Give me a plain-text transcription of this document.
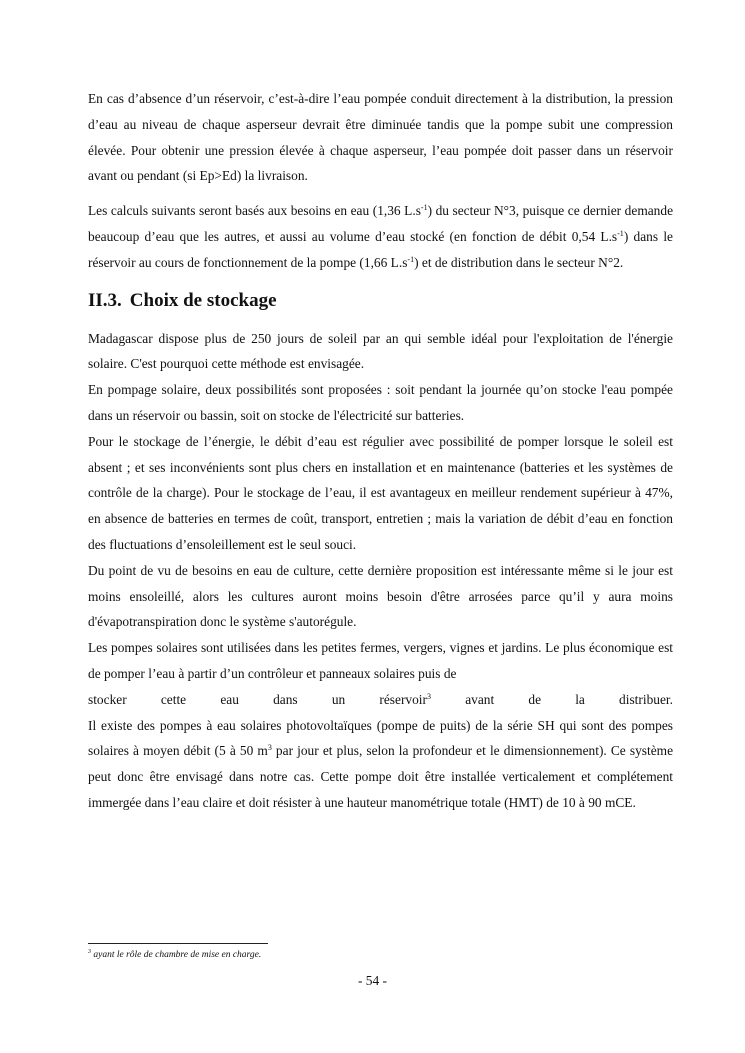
En cas d’absence d’un réservoir, c’est-à-dire l’eau pompée conduit directement à la distribution, la pression d’eau au niveau de chaque asperseur devrait être diminuée tandis que la pompe subit une compression élevée. Pour obtenir une pression élevée à chaque asperseur, l’eau pompée doit passer dans un réservoir avant ou pendant (si Ep>Ed) la livraison.

Les calculs suivants seront basés aux besoins en eau (1,36 $L.s^{-1}$) du secteur N°3, puisque ce dernier demande beaucoup d’eau que les autres, et aussi au volume d’eau stocké (en fonction de débit 0,54 $L.s^{-1}$) dans le réservoir au cours de fonctionnement de la pompe (1,66 $L.s^{-1}$) et de distribution dans le secteur N°2.

II.3. Choix de stockage

Madagascar dispose plus de 250 jours de soleil par an qui semble idéal pour l'exploitation de l'énergie solaire. C'est pourquoi cette méthode est envisagée.

En pompage solaire, deux possibilités sont proposées : soit pendant la journée qu’on stocke l'eau pompée dans un réservoir ou bassin, soit on stocke de l'électricité sur batteries.

Pour le stockage de l’énergie, le débit d’eau est régulier avec possibilité de pomper lorsque le soleil est absent ; et ses inconvénients sont plus chers en installation et en maintenance (batteries et les systèmes de contrôle de la charge). Pour le stockage de l’eau, il est avantageux en meilleur rendement supérieur à 47%, en absence de batteries en termes de coût, transport, entretien ; mais la variation de débit d’eau en fonction des fluctuations d’ensoleillement est le seul souci.

Du point de vu de besoins en eau de culture, cette dernière proposition est intéressante même si le jour est moins ensoleillé, alors les cultures auront moins besoin d'être arrosées parce qu’il y aura moins d'évapotranspiration donc le système s'autorégule.

Les pompes solaires sont utilisées dans les petites fermes, vergers, vignes et jardins. Le plus économique est de pomper l’eau à partir d’un contrôleur et panneaux solaires puis de

stocker cette eau dans un réservoir$^3$ avant de la distribuer.

Il existe des pompes à eau solaires photovoltaïques (pompe de puits) de la série SH qui sont des pompes solaires à moyen débit (5 à 50 $m^3$ par jour et plus, selon la profondeur et le dimensionnement). Ce système peut donc être envisagé dans notre cas. Cette pompe doit être installée verticalement et complétement immergée dans l’eau claire et doit résister à une hauteur manométrique totale (HMT) de 10 à 90 mCE.

$^3$ ayant le rôle de chambre de mise en charge.
- 54 -
